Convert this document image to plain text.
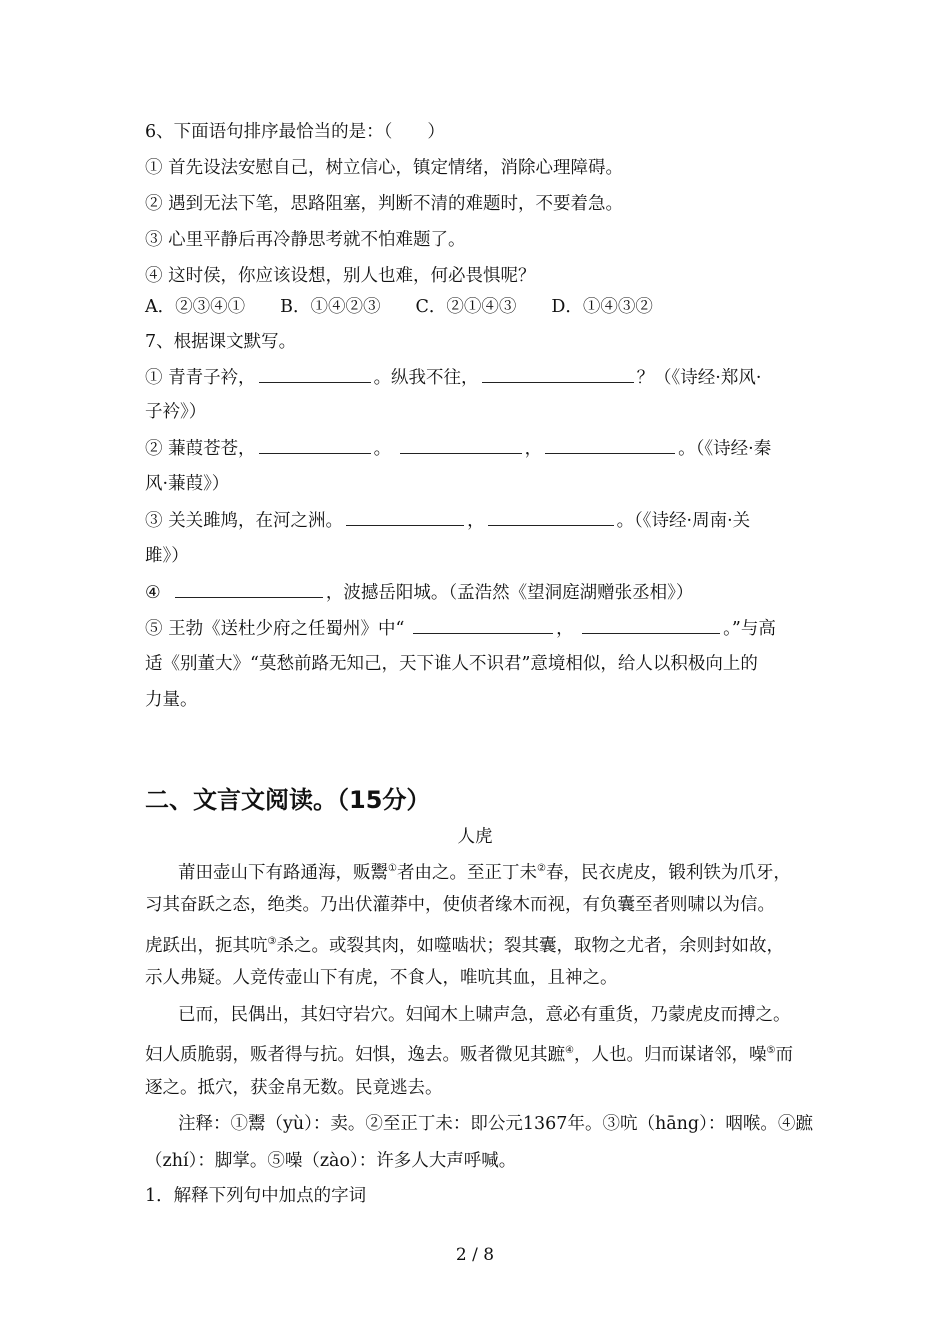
6、下面语句排序最恰当的是：（　　）
① 首先设法安慰自己，树立信心，镇定情绪，消除心理障碍。
② 遇到无法下笔，思路阻塞，判断不清的难题时，不要着急。
③ 心里平静后再冷静思考就不怕难题了。
④ 这时侯，你应该设想，别人也难，何必畏惧呢？
A．②③④①　　B．①④②③　　C．②①④③　　D．①④③②
7、根据课文默写。
① 青青子衿，	。纵我不往，	？（《诗经·郑风·
子衿》）
② 蒹葭苍苍，	。	，	。（《诗经·秦
风·蒹葭》）
③ 关关雎鸠，在河之洲。	，	。（《诗经·周南·关
雎》）
④	，波撼岳阳城。（孟浩然《望洞庭湖赠张丞相》）
⑤ 王勃《送杜少府之任蜀州》中“	，	。”与高
适《别董大》“莫愁前路无知己，天下谁人不识君”意境相似，给人以积极向上的
力量。
二、文言文阅读。（15分）
人虎
莆田壶山下有路通海，贩鬻①者由之。至正丁未②春，民衣虎皮，锻利铁为爪牙，
习其奋跃之态，绝类。乃出伏灌莽中，使侦者缘木而视，有负囊至者则啸以为信。
虎跃出，扼其吭③杀之。或裂其肉，如噬啮状；裂其囊，取物之尤者，余则封如故，
示人弗疑。人竞传壶山下有虎，不食人，唯吭其血，且神之。
已而，民偶出，其妇守岩穴。妇闻木上啸声急，意必有重货，乃蒙虎皮而搏之。
妇人质脆弱，贩者得与抗。妇惧，逸去。贩者微见其蹠④，人也。归而谋诸邻，噪⑤而
逐之。抵穴，获金帛无数。民竟逃去。
注释：①鬻（yù）：卖。②至正丁未：即公元1367年。③吭（hāng）：咽喉。④蹠
（zhí）：脚掌。⑤噪（zào）：许多人大声呼喊。
1．解释下列句中加点的字词
2 / 8
